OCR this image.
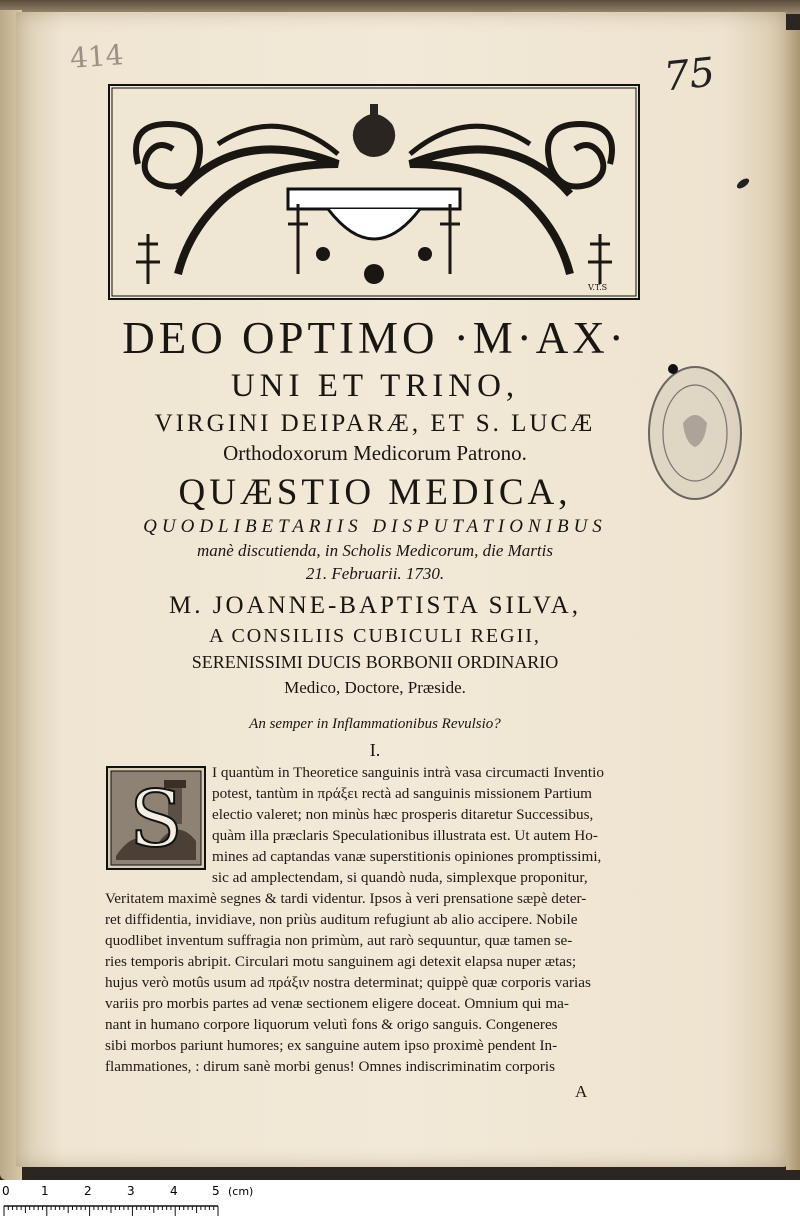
414	75
V.T.S
DEO OPTIMO ·M·AX·
UNI ET TRINO,
VIRGINI DEIPARÆ, ET S. LUCÆ
Orthodoxorum Medicorum Patrono.
QUÆSTIO MEDICA,
QUODLIBETARIIS DISPUTATIONIBUS
manè discutienda, in Scholis Medicorum, die Martis
21. Februarii. 1730.
M. JOANNE-BAPTISTA SILVA,
A CONSILIIS CUBICULI REGII,
SERENISSIMI DUCIS BORBONII ORDINARIO
Medico, Doctore, Præside.
An semper in Inflammationibus Revulsio?
I.
S
I quantùm in Theoretice sanguinis intrà vasa circumacti Inventio
potest, tantùm in πράξει rectà ad sanguinis missionem Partium
electio valeret; non minùs hæc prosperis ditaretur Successibus,
quàm illa præclaris Speculationibus illustrata est. Ut autem Ho-
mines ad captandas vanæ superstitionis opiniones promptissimi,
sic ad amplectendam, si quandò nuda, simplexque proponitur,
Veritatem maximè segnes & tardi videntur. Ipsos à veri prensatione sæpè deter-
ret diffidentia, invidiave, non priùs auditum refugiunt ab alio accipere. Nobile
quodlibet inventum suffragia non primùm, aut rarò sequuntur, quæ tamen se-
ries temporis abripit. Circulari motu sanguinem agi detexit elapsa nuper ætas;
hujus verò motûs usum ad πράξιν nostra determinat; quippè quæ corporis varias
variis pro morbis partes ad venæ sectionem eligere doceat. Omnium qui ma-
nant in humano corpore liquorum velutì fons & origo sanguis. Congeneres
sibi morbos pariunt humores; ex sanguine autem ipso proximè pendent In-
flammationes, : dirum sanè morbi genus! Omnes indiscriminatim corporis
A
0	1	2	3	4	5 (cm)
